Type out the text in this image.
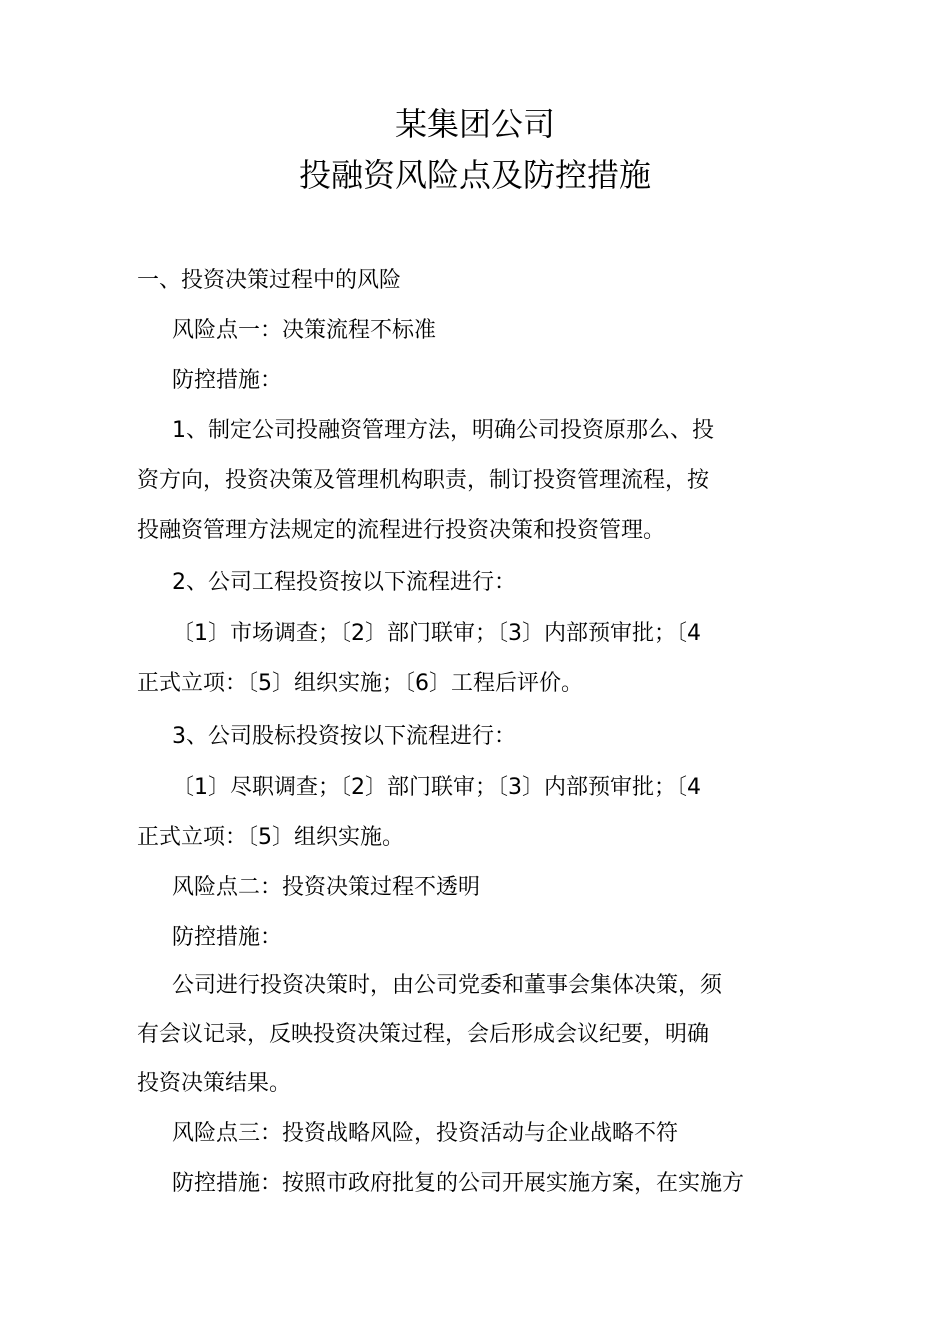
某集团公司
投融资风险点及防控措施
一、投资决策过程中的风险
风险点一：决策流程不标准
防控措施：
1、制定公司投融资管理方法，明确公司投资原那么、投
资方向，投资决策及管理机构职责，制订投资管理流程，按
投融资管理方法规定的流程进行投资决策和投资管理。
2、公司工程投资按以下流程进行：
〔1〕市场调查；〔2〕部门联审；〔3〕内部预审批；〔4
正式立项：〔5〕组织实施；〔6〕工程后评价。
3、公司股标投资按以下流程进行：
〔1〕尽职调查；〔2〕部门联审；〔3〕内部预审批；〔4
正式立项：〔5〕组织实施。
风险点二：投资决策过程不透明
防控措施：
公司进行投资决策时，由公司党委和董事会集体决策，须
有会议记录，反映投资决策过程，会后形成会议纪要，明确
投资决策结果。
风险点三：投资战略风险，投资活动与企业战略不符
防控措施：按照市政府批复的公司开展实施方案，在实施方
